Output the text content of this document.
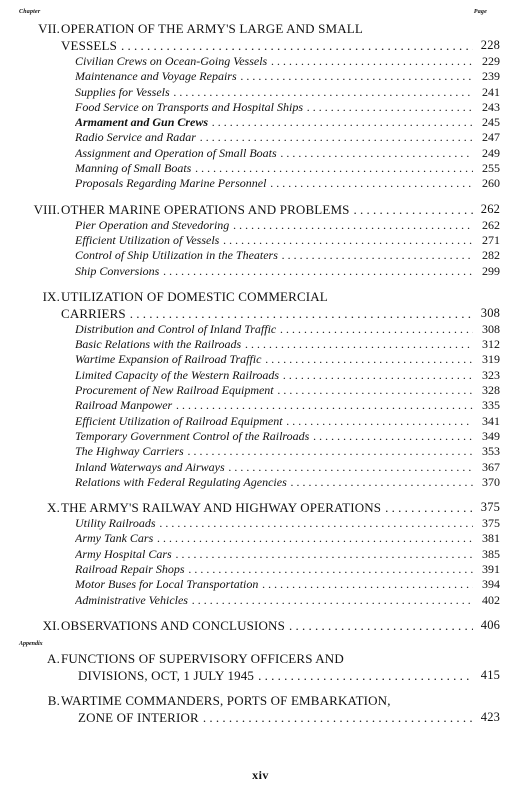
Chapter	Page
VII. OPERATION OF THE ARMY'S LARGE AND SMALL
VESSELS . . .	228
Civilian Crews on Ocean-Going Vessels . . .	229
Maintenance and Voyage Repairs . . .	239
Supplies for Vessels . . .	241
Food Service on Transports and Hospital Ships . . .	243
Armament and Gun Crews . . .	245
Radio Service and Radar . . .	247
Assignment and Operation of Small Boats . . .	249
Manning of Small Boats . . .	255
Proposals Regarding Marine Personnel . . .	260
VIII. OTHER MARINE OPERATIONS AND PROBLEMS . . .	262
Pier Operation and Stevedoring . . .	262
Efficient Utilization of Vessels . . .	271
Control of Ship Utilization in the Theaters . . .	282
Ship Conversions . . .	299
IX. UTILIZATION OF DOMESTIC COMMERCIAL
CARRIERS . . .	308
Distribution and Control of Inland Traffic . . .	308
Basic Relations with the Railroads . . .	312
Wartime Expansion of Railroad Traffic . . .	319
Limited Capacity of the Western Railroads . . .	323
Procurement of New Railroad Equipment . . .	328
Railroad Manpower . . .	335
Efficient Utilization of Railroad Equipment . . .	341
Temporary Government Control of the Railroads . . .	349
The Highway Carriers . . .	353
Inland Waterways and Airways . . .	367
Relations with Federal Regulating Agencies . . .	370
X. THE ARMY'S RAILWAY AND HIGHWAY OPERATIONS . . .	375
Utility Railroads . . .	375
Army Tank Cars . . .	381
Army Hospital Cars . . .	385
Railroad Repair Shops . . .	391
Motor Buses for Local Transportation . . .	394
Administrative Vehicles . . .	402
XI. OBSERVATIONS AND CONCLUSIONS . . .	406
Appendix
A. FUNCTIONS OF SUPERVISORY OFFICERS AND
DIVISIONS, OCT, 1 JULY 1945 . . .	415
B. WARTIME COMMANDERS, PORTS OF EMBARKATION,
ZONE OF INTERIOR . . .	423
xiv
